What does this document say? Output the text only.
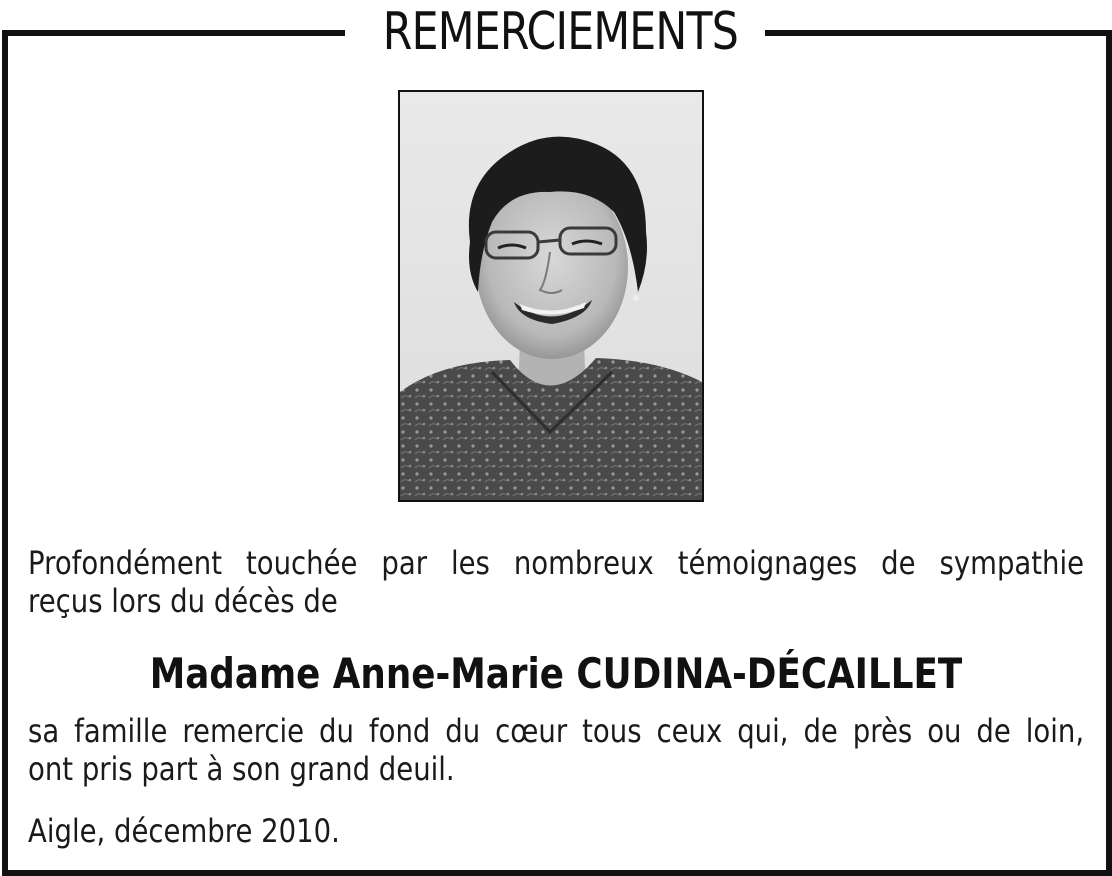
REMERCIEMENTS
Profondément touchée par les nombreux témoignages de sympathie
reçus lors du décès de
Madame Anne-Marie CUDINA-DÉCAILLET
sa famille remercie du fond du cœur tous ceux qui, de près ou de loin,
ont pris part à son grand deuil.
Aigle, décembre 2010.
